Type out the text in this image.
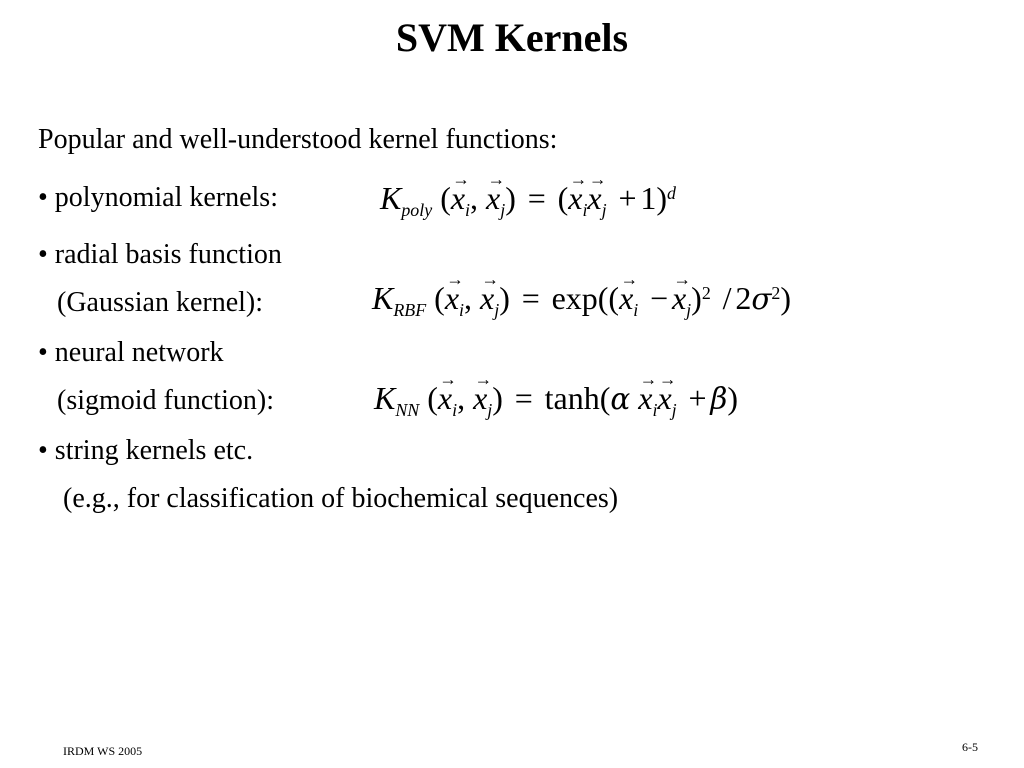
SVM Kernels
Popular and well-understood kernel functions:
• polynomial kernels:	$K_{poly}$ (→ $x_i$, → $x_j$) = (→ $x_i\to x_j + 1)^d$
• radial basis function
(Gaussian kernel):	$K_{RBF}$ (→ $x_i$, → $x_j) = \exp((\to x_i -\to x_j)^2 / 2\sigma^2)$
• neural network
(sigmoid function):	$K_{NN}$ (→ $x_i$, → $x_j) = \tanh(\alpha \to x_i\to x_j + \beta)$
• string kernels etc.
(e.g., for classification of biochemical sequences)
IRDM WS 2005	6-5
